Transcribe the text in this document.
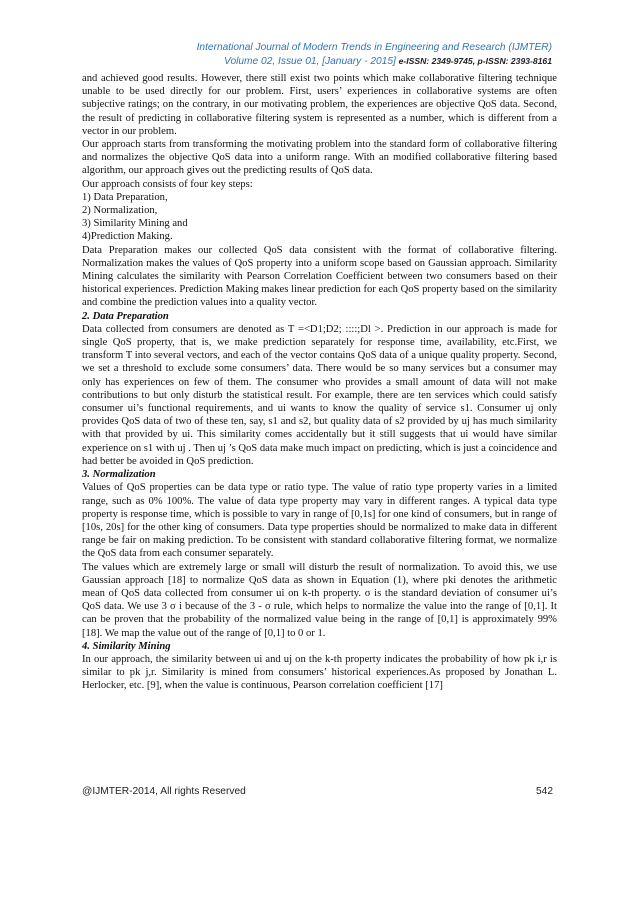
International Journal of Modern Trends in Engineering and Research (IJMTER)
Volume 02, Issue 01, [January - 2015] e-ISSN: 2349-9745, p-ISSN: 2393-8161

and achieved good results. However, there still exist two points which make collaborative filtering technique unable to be used directly for our problem. First, users’ experiences in collaborative systems are often subjective ratings; on the contrary, in our motivating problem, the experiences are objective QoS data. Second, the result of predicting in collaborative filtering system is represented as a number, which is different from a vector in our problem.

Our approach starts from transforming the motivating problem into the standard form of collaborative filtering and normalizes the objective QoS data into a uniform range. With an modified collaborative filtering based algorithm, our approach gives out the predicting results of QoS data.

Our approach consists of four key steps:

1) Data Preparation,

2) Normalization,

3) Similarity Mining and

4)Prediction Making.

Data Preparation makes our collected QoS data consistent with the format of collaborative filtering. Normalization makes the values of QoS property into a uniform scope based on Gaussian approach. Similarity Mining calculates the similarity with Pearson Correlation Coefficient between two consumers based on their historical experiences. Prediction Making makes linear prediction for each QoS property based on the similarity and combine the prediction values into a quality vector.

2. Data Preparation

Data collected from consumers are denoted as T =<D1;D2; ::::;Dl >. Prediction in our approach is made for single QoS property, that is, we make prediction separately for response time, availability, etc.First, we transform T into several vectors, and each of the vector contains QoS data of a unique quality property. Second, we set a threshold to exclude some consumers’ data. There would be so many services but a consumer may only has experiences on few of them. The consumer who provides a small amount of data will not make contributions to but only disturb the statistical result. For example, there are ten services which could satisfy consumer ui’s functional requirements, and ui wants to know the quality of service s1. Consumer uj only provides QoS data of two of these ten, say, s1 and s2, but quality data of s2 provided by uj has much similarity with that provided by ui. This similarity comes accidentally but it still suggests that ui would have similar experience on s1 with uj . Then uj ’s QoS data make much impact on predicting, which is just a coincidence and had better be avoided in QoS prediction.

3. Normalization

Values of QoS properties can be data type or ratio type. The value of ratio type property varies in a limited range, such as 0% 100%. The value of data type property may vary in different ranges. A typical data type property is response time, which is possible to vary in range of [0,1s] for one kind of consumers, but in range of [10s, 20s] for the other king of consumers. Data type properties should be normalized to make data in different range be fair on making prediction. To be consistent with standard collaborative filtering format, we normalize the QoS data from each consumer separately.

The values which are extremely large or small will disturb the result of normalization. To avoid this, we use Gaussian approach [18] to normalize QoS data as shown in Equation (1), where pki denotes the arithmetic mean of QoS data collected from consumer ui on k-th property. σ is the standard deviation of consumer ui’s QoS data. We use 3 σ i because of the 3 - σ rule, which helps to normalize the value into the range of [0,1]. It can be proven that the probability of the normalized value being in the range of [0,1] is approximately 99% [18]. We map the value out of the range of [0,1] to 0 or 1.

4. Similarity Mining

In our approach, the similarity between ui and uj on the k-th property indicates the probability of how pk i,r is similar to pk j,r. Similarity is mined from consumers’ historical experiences.As proposed by Jonathan L. Herlocker, etc. [9], when the value is continuous, Pearson correlation coefficient [17]

@IJMTER-2014, All rights Reserved	542
